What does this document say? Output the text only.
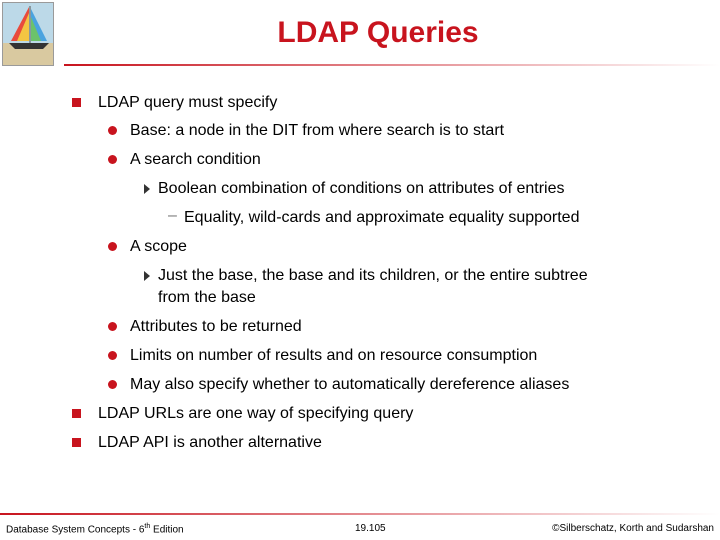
LDAP Queries
LDAP query must specify
Base: a node in the DIT from where search is to start
A search condition
Boolean combination of conditions on attributes of entries
– Equality, wild-cards and approximate equality supported
A scope
Just the base, the base and its children, or the entire subtree
from the base
Attributes to be returned
Limits on number of results and on resource consumption
May also specify whether to automatically dereference aliases
LDAP URLs are one way of specifying query
LDAP API is another alternative
Database System Concepts - 6th Edition	19.105	©Silberschatz, Korth and Sudarshan
